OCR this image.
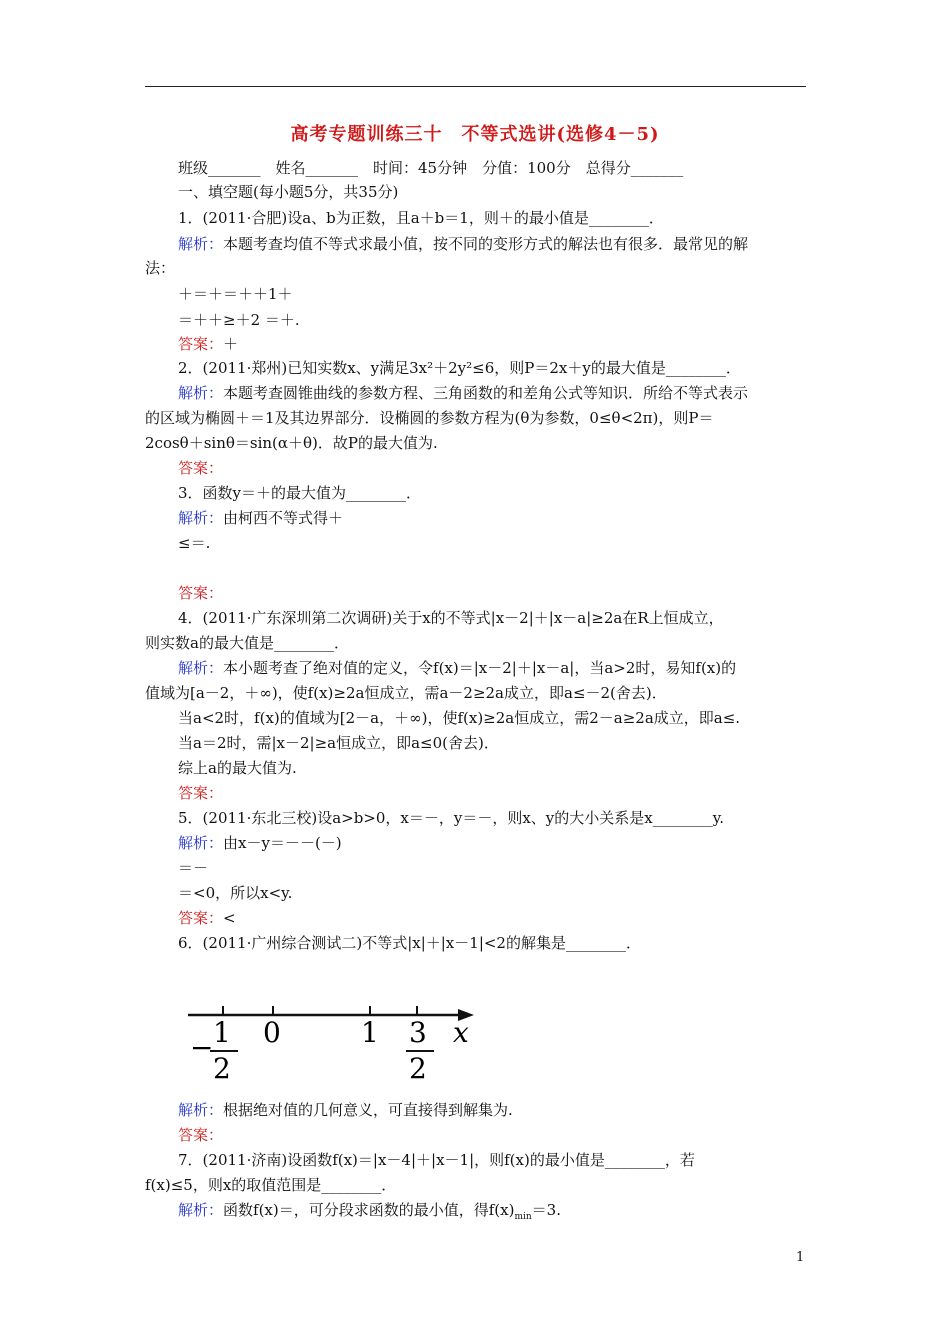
高考专题训练三十　不等式选讲(选修4－5)
班级_______　姓名_______　时间：45分钟　分值：100分　总得分_______
一、填空题(每小题5分，共35分)
1．(2011·合肥)设a、b为正数，且a＋b＝1，则＋的最小值是________．
解析：本题考查均值不等式求最小值，按不同的变形方式的解法也有很多．最常见的解
法：
＋＝＋＝＋＋1＋
＝＋＋≥＋2 ＝＋.
答案：＋
2．(2011·郑州)已知实数x、y满足3x²＋2y²≤6，则P＝2x＋y的最大值是________．
解析：本题考查圆锥曲线的参数方程、三角函数的和差角公式等知识．所给不等式表示
的区域为椭圆＋＝1及其边界部分．设椭圆的参数方程为(θ为参数，0≤θ<2π)，则P＝
2cosθ＋sinθ＝sin(α＋θ)．故P的最大值为.
答案：
3．函数y＝＋的最大值为________．
解析：由柯西不等式得＋
≤＝.
答案：
4．(2011·广东深圳第二次调研)关于x的不等式|x－2|＋|x－a|≥2a在R上恒成立，
则实数a的最大值是________．
解析：本小题考查了绝对值的定义，令f(x)＝|x－2|＋|x－a|，当a>2时，易知f(x)的
值域为[a－2，＋∞)，使f(x)≥2a恒成立，需a－2≥2a成立，即a≤－2(舍去)．
当a<2时，f(x)的值域为[2－a，＋∞)，使f(x)≥2a恒成立，需2－a≥2a成立，即a≤.
当a＝2时，需|x－2|≥a恒成立，即a≤0(舍去)．
综上a的最大值为.
答案：
5．(2011·东北三校)设a>b>0，x＝－，y＝－，则x、y的大小关系是x________y.
解析：由x－y＝－－(－)
＝－
＝<0，所以x<y.
答案：<
6．(2011·广州综合测试二)不等式|x|＋|x－1|<2的解集是________．
− 1
2
0	1 3
2
x
解析：根据绝对值的几何意义，可直接得到解集为.
答案：
7．(2011·济南)设函数f(x)＝|x－4|＋|x－1|，则f(x)的最小值是________，若
f(x)≤5，则x的取值范围是________．
解析：函数f(x)＝，可分段求函数的最小值，得$f(x)_{min}=3$.
1
